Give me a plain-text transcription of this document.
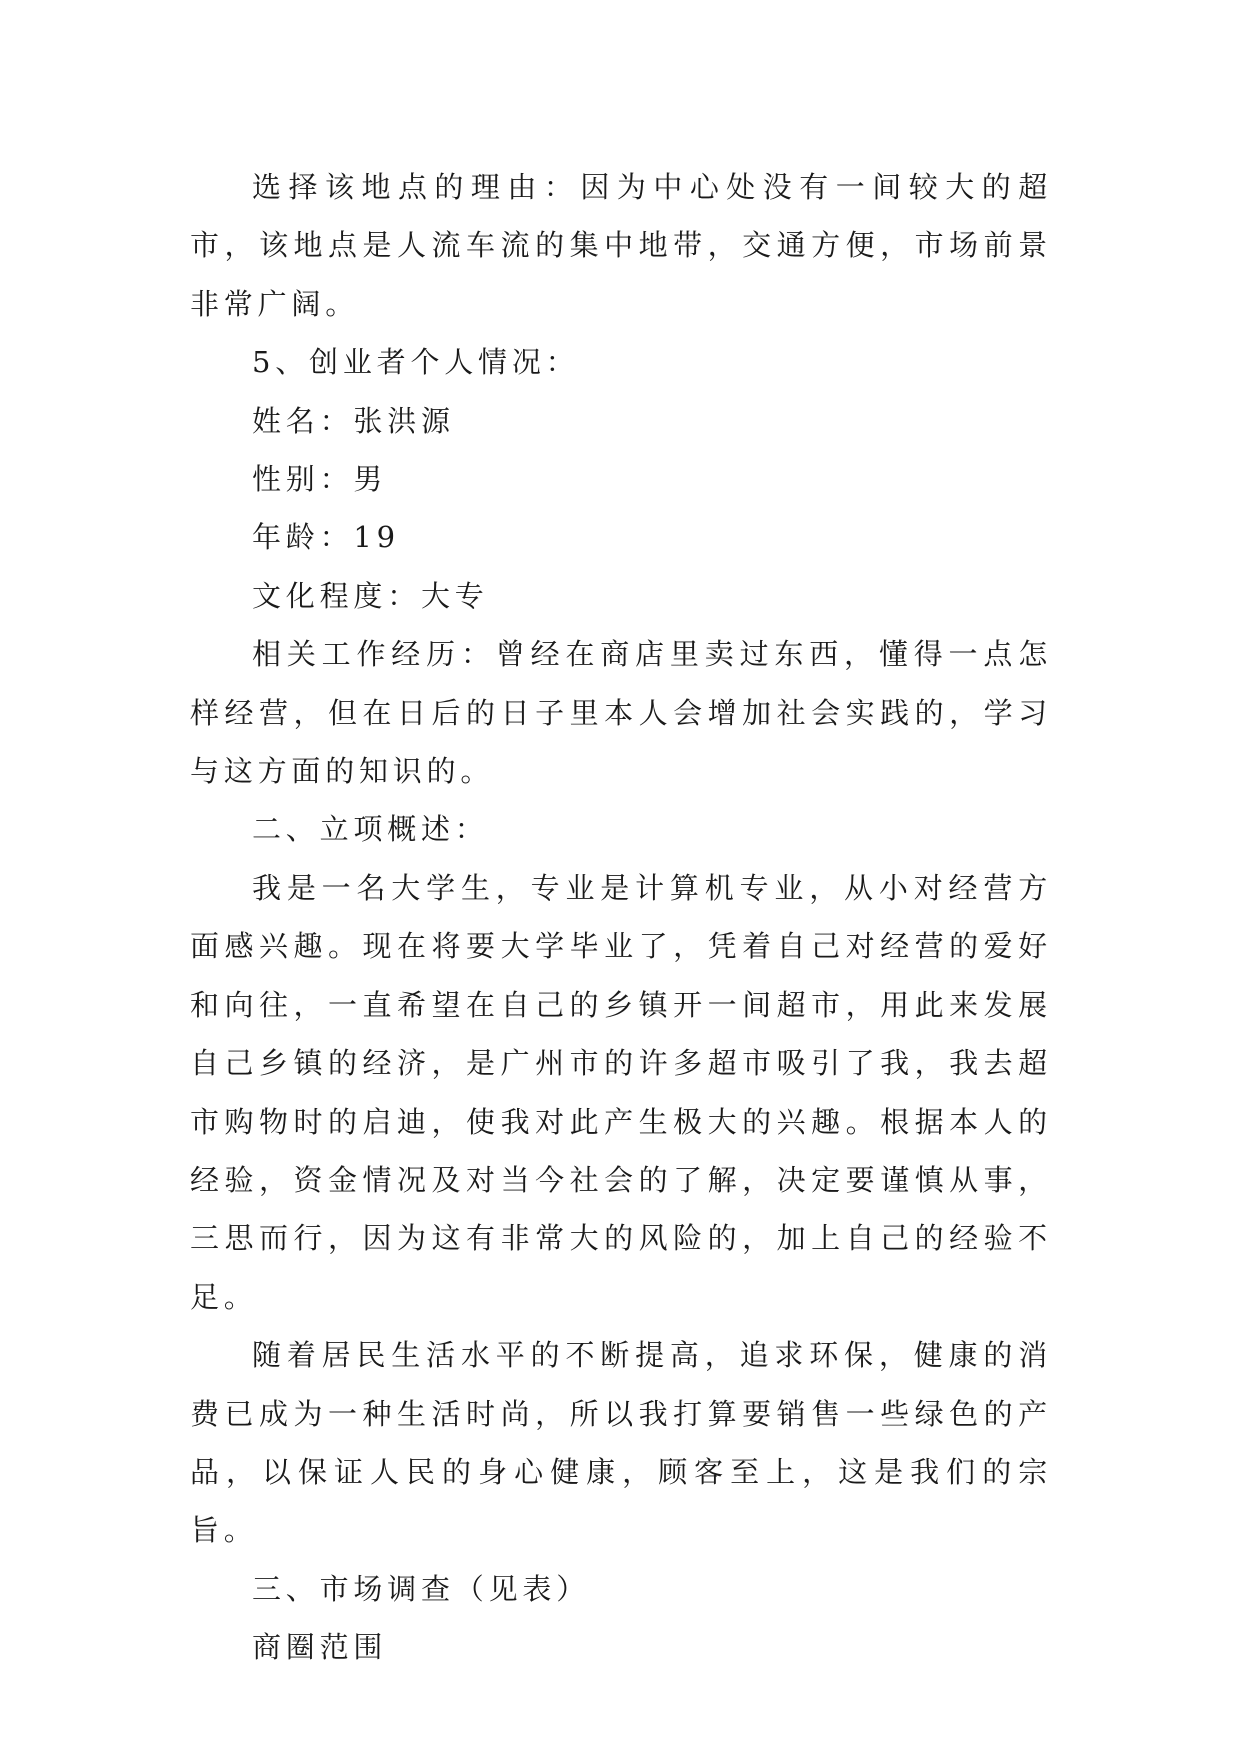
选择该地点的理由：因为中心处没有一间较大的超市，该地点是人流车流的集中地带，交通方便，市场前景非常广阔。

5、创业者个人情况：

姓名：张洪源

性别：男

年龄：19

文化程度：大专

相关工作经历：曾经在商店里卖过东西，懂得一点怎样经营，但在日后的日子里本人会增加社会实践的，学习与这方面的知识的。

二、立项概述：

我是一名大学生，专业是计算机专业，从小对经营方面感兴趣。现在将要大学毕业了，凭着自己对经营的爱好和向往，一直希望在自己的乡镇开一间超市，用此来发展自己乡镇的经济，是广州市的许多超市吸引了我，我去超市购物时的启迪，使我对此产生极大的兴趣。根据本人的经验，资金情况及对当今社会的了解，决定要谨慎从事，三思而行，因为这有非常大的风险的，加上自己的经验不足。

随着居民生活水平的不断提高，追求环保，健康的消费已成为一种生活时尚，所以我打算要销售一些绿色的产品，以保证人民的身心健康，顾客至上，这是我们的宗旨。

三、市场调查（见表）

商圈范围
